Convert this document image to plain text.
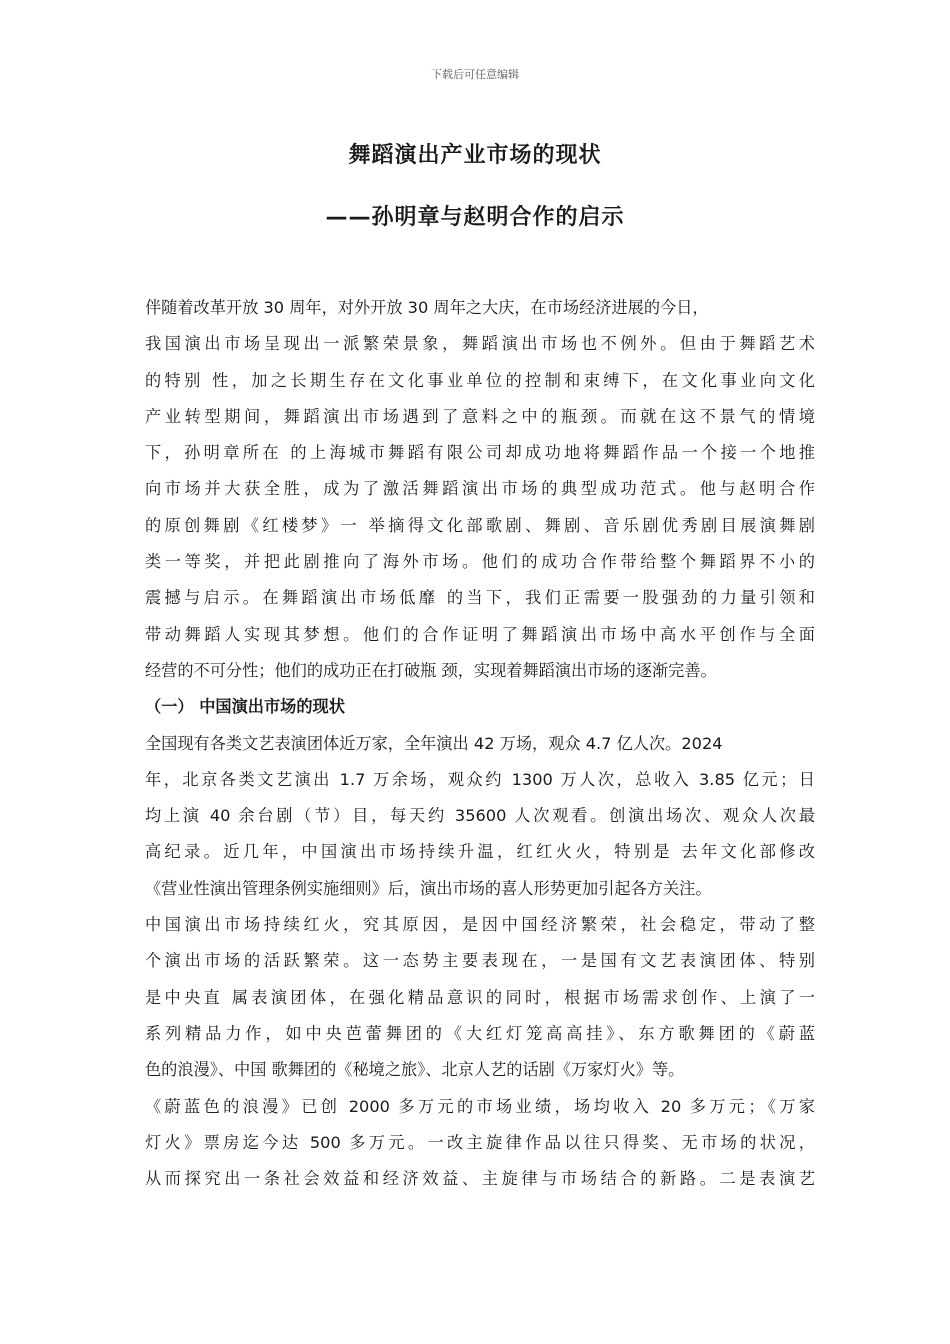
下载后可任意编辑
舞蹈演出产业市场的现状
——孙明章与赵明合作的启示
伴随着改革开放 30 周年，对外开放 30 周年之大庆，在市场经济进展的今日，
我国演出市场呈现出一派繁荣景象，舞蹈演出市场也不例外。但由于舞蹈艺术
的特别 性，加之长期生存在文化事业单位的控制和束缚下，在文化事业向文化
产业转型期间，舞蹈演出市场遇到了意料之中的瓶颈。而就在这不景气的情境
下，孙明章所在 的上海城市舞蹈有限公司却成功地将舞蹈作品一个接一个地推
向市场并大获全胜，成为了激活舞蹈演出市场的典型成功范式。他与赵明合作
的原创舞剧《红楼梦》一 举摘得文化部歌剧、舞剧、音乐剧优秀剧目展演舞剧
类一等奖，并把此剧推向了海外市场。他们的成功合作带给整个舞蹈界不小的
震撼与启示。在舞蹈演出市场低靡 的当下，我们正需要一股强劲的力量引领和
带动舞蹈人实现其梦想。他们的合作证明了舞蹈演出市场中高水平创作与全面
经营的不可分性；他们的成功正在打破瓶 颈，实现着舞蹈演出市场的逐渐完善。
（一） 中国演出市场的现状
全国现有各类文艺表演团体近万家，全年演出 42 万场，观众 4.7 亿人次。2024
年，北京各类文艺演出 1.7 万余场，观众约 1300 万人次，总收入 3.85 亿元；日
均上演 40 余台剧（节）目，每天约 35600 人次观看。创演出场次、观众人次最
高纪录。近几年，中国演出市场持续升温，红红火火，特别是 去年文化部修改
《营业性演出管理条例实施细则》后，演出市场的喜人形势更加引起各方关注。
中国演出市场持续红火，究其原因，是因中国经济繁荣，社会稳定，带动了整
个演出市场的活跃繁荣。这一态势主要表现在，一是国有文艺表演团体、特别
是中央直 属表演团体，在强化精品意识的同时，根据市场需求创作、上演了一
系列精品力作，如中央芭蕾舞团的《大红灯笼高高挂》、东方歌舞团的《蔚蓝
色的浪漫》、中国 歌舞团的《秘境之旅》、北京人艺的话剧《万家灯火》等。
《蔚蓝色的浪漫》已创 2000 多万元的市场业绩，场均收入 20 多万元；《万家
灯火》票房迄今达 500 多万元。一改主旋律作品以往只得奖、无市场的状况，
从而探究出一条社会效益和经济效益、主旋律与市场结合的新路。二是表演艺
